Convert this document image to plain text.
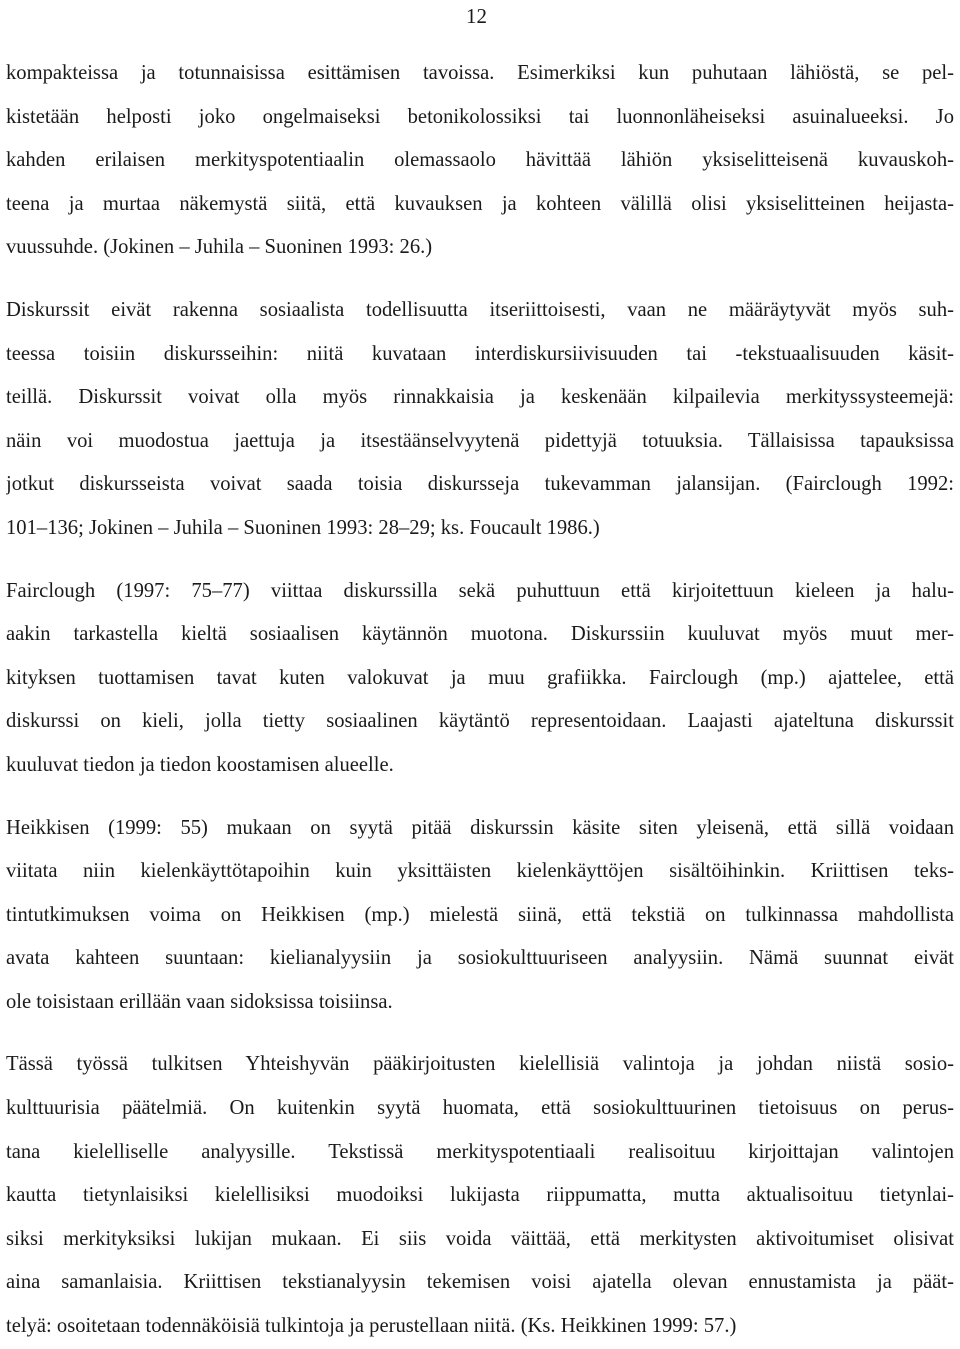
12
kompakteissa ja totunnaisissa esittämisen tavoissa. Esimerkiksi kun puhutaan lähiöstä, se pel-
kistetään helposti joko ongelmaiseksi betonikolossiksi tai luonnonläheiseksi asuinalueeksi. Jo
kahden erilaisen merkityspotentiaalin olemassaolo hävittää lähiön yksiselitteisenä kuvauskoh-
teena ja murtaa näkemystä siitä, että kuvauksen ja kohteen välillä olisi yksiselitteinen heijasta-
vuussuhde. (Jokinen – Juhila – Suoninen 1993: 26.)
Diskurssit eivät rakenna sosiaalista todellisuutta itseriittoisesti, vaan ne määräytyvät myös suh-
teessa toisiin diskursseihin: niitä kuvataan interdiskursiivisuuden tai -tekstuaalisuuden käsit-
teillä. Diskurssit voivat olla myös rinnakkaisia ja keskenään kilpailevia merkityssysteemejä:
näin voi muodostua jaettuja ja itsestäänselvyytenä pidettyjä totuuksia. Tällaisissa tapauksissa
jotkut diskursseista voivat saada toisia diskursseja tukevamman jalansijan. (Fairclough 1992:
101–136; Jokinen – Juhila – Suoninen 1993: 28–29; ks. Foucault 1986.)
Fairclough (1997: 75–77) viittaa diskurssilla sekä puhuttuun että kirjoitettuun kieleen ja halu-
aakin tarkastella kieltä sosiaalisen käytännön muotona. Diskurssiin kuuluvat myös muut mer-
kityksen tuottamisen tavat kuten valokuvat ja muu grafiikka. Fairclough (mp.) ajattelee, että
diskurssi on kieli, jolla tietty sosiaalinen käytäntö representoidaan. Laajasti ajateltuna diskurssit
kuuluvat tiedon ja tiedon koostamisen alueelle.
Heikkisen (1999: 55) mukaan on syytä pitää diskurssin käsite siten yleisenä, että sillä voidaan
viitata niin kielenkäyttötapoihin kuin yksittäisten kielenkäyttöjen sisältöihinkin. Kriittisen teks-
tintutkimuksen voima on Heikkisen (mp.) mielestä siinä, että tekstiä on tulkinnassa mahdollista
avata kahteen suuntaan: kielianalyysiin ja sosiokulttuuriseen analyysiin. Nämä suunnat eivät
ole toisistaan erillään vaan sidoksissa toisiinsa.
Tässä työssä tulkitsen Yhteishyvän pääkirjoitusten kielellisiä valintoja ja johdan niistä sosio-
kulttuurisia päätelmiä. On kuitenkin syytä huomata, että sosiokulttuurinen tietoisuus on perus-
tana kielelliselle analyysille. Tekstissä merkityspotentiaali realisoituu kirjoittajan valintojen
kautta tietynlaisiksi kielellisiksi muodoiksi lukijasta riippumatta, mutta aktualisoituu tietynlai-
siksi merkityksiksi lukijan mukaan. Ei siis voida väittää, että merkitysten aktivoitumiset olisivat
aina samanlaisia. Kriittisen tekstianalyysin tekemisen voisi ajatella olevan ennustamista ja päät-
telyä: osoitetaan todennäköisiä tulkintoja ja perustellaan niitä. (Ks. Heikkinen 1999: 57.)
